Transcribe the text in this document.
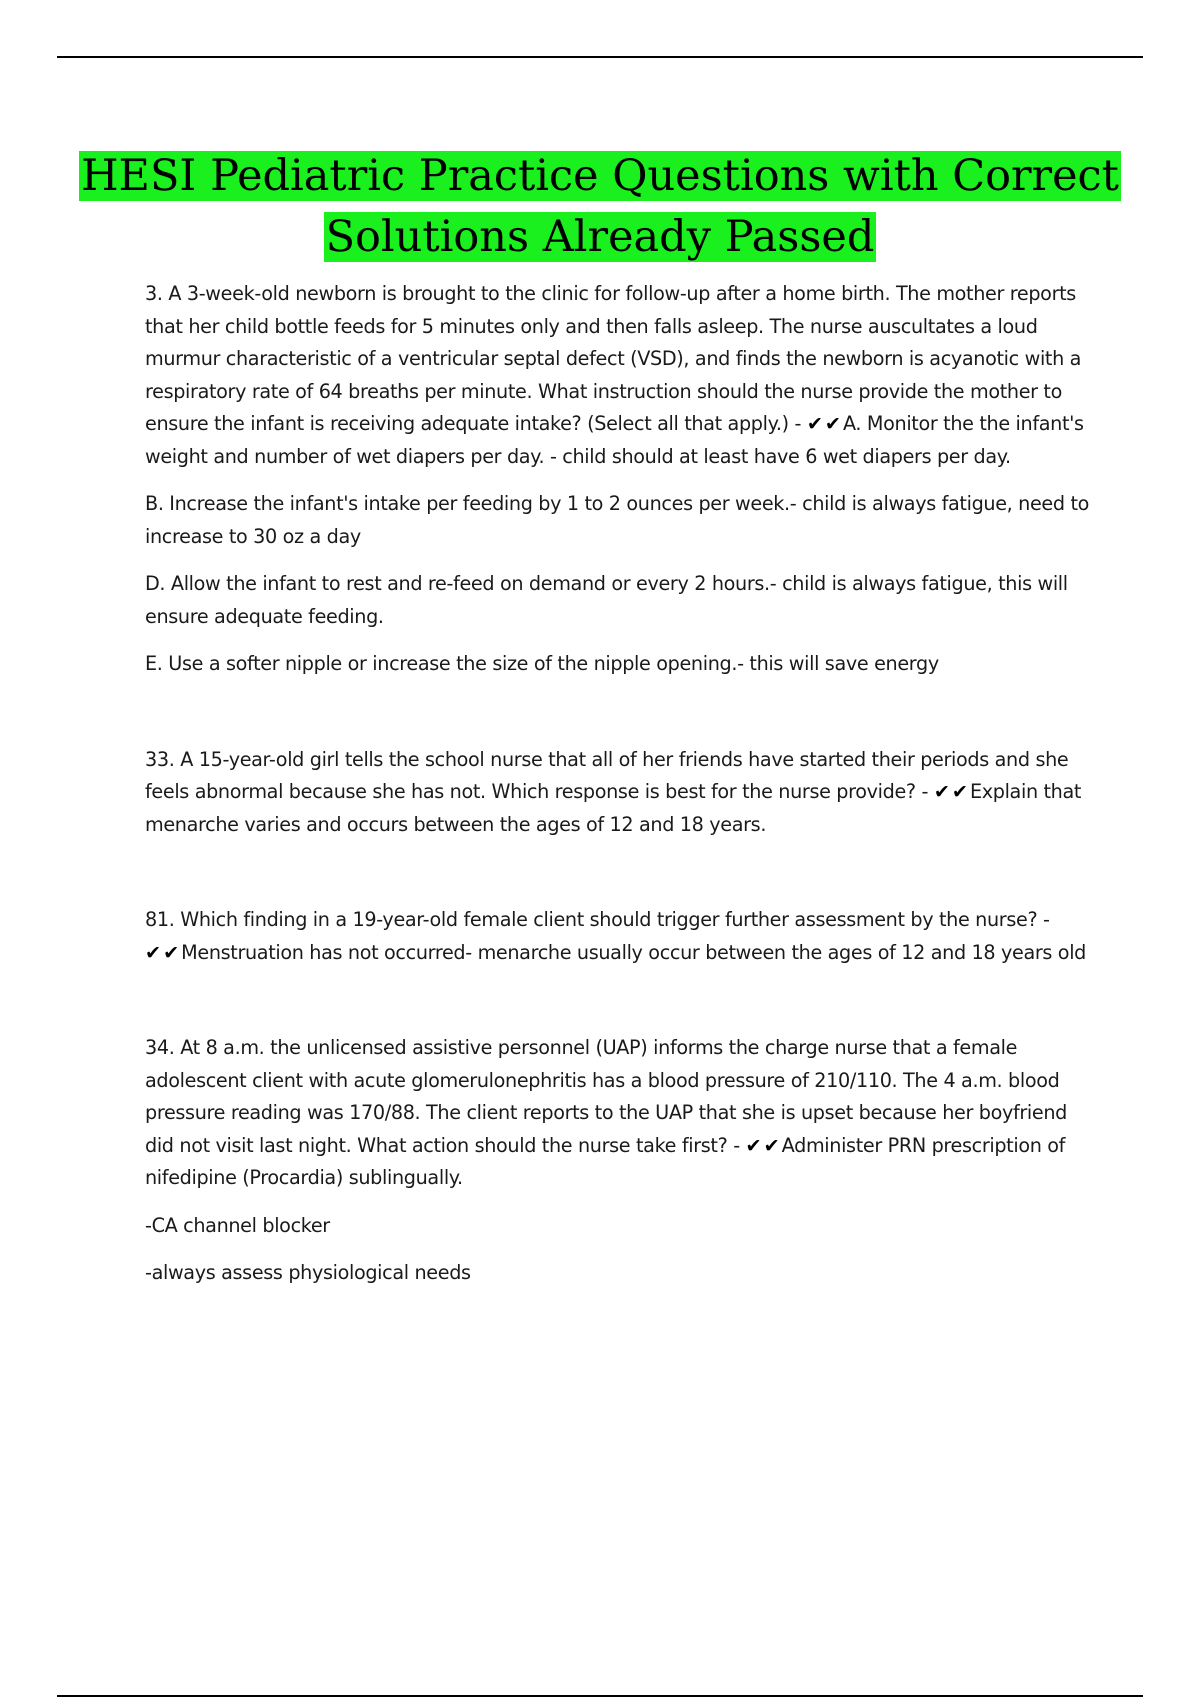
HESI Pediatric Practice Questions with Correct
Solutions Already Passed

3. A 3-week-old newborn is brought to the clinic for follow-up after a home birth. The mother reports that her child bottle feeds for 5 minutes only and then falls asleep. The nurse auscultates a loud murmur characteristic of a ventricular septal defect (VSD), and finds the newborn is acyanotic with a respiratory rate of 64 breaths per minute. What instruction should the nurse provide the mother to ensure the infant is receiving adequate intake? (Select all that apply.) - ✔✔A. Monitor the the infant's weight and number of wet diapers per day. - child should at least have 6 wet diapers per day.

B. Increase the infant's intake per feeding by 1 to 2 ounces per week.- child is always fatigue, need to increase to 30 oz a day

D. Allow the infant to rest and re-feed on demand or every 2 hours.- child is always fatigue, this will ensure adequate feeding.

E. Use a softer nipple or increase the size of the nipple opening.- this will save energy

33. A 15-year-old girl tells the school nurse that all of her friends have started their periods and she feels abnormal because she has not. Which response is best for the nurse provide? - ✔✔Explain that menarche varies and occurs between the ages of 12 and 18 years.

81. Which finding in a 19-year-old female client should trigger further assessment by the nurse? - ✔✔Menstruation has not occurred- menarche usually occur between the ages of 12 and 18 years old

34. At 8 a.m. the unlicensed assistive personnel (UAP) informs the charge nurse that a female adolescent client with acute glomerulonephritis has a blood pressure of 210/110. The 4 a.m. blood pressure reading was 170/88. The client reports to the UAP that she is upset because her boyfriend did not visit last night. What action should the nurse take first? - ✔✔Administer PRN prescription of nifedipine (Procardia) sublingually.

-CA channel blocker

-always assess physiological needs
